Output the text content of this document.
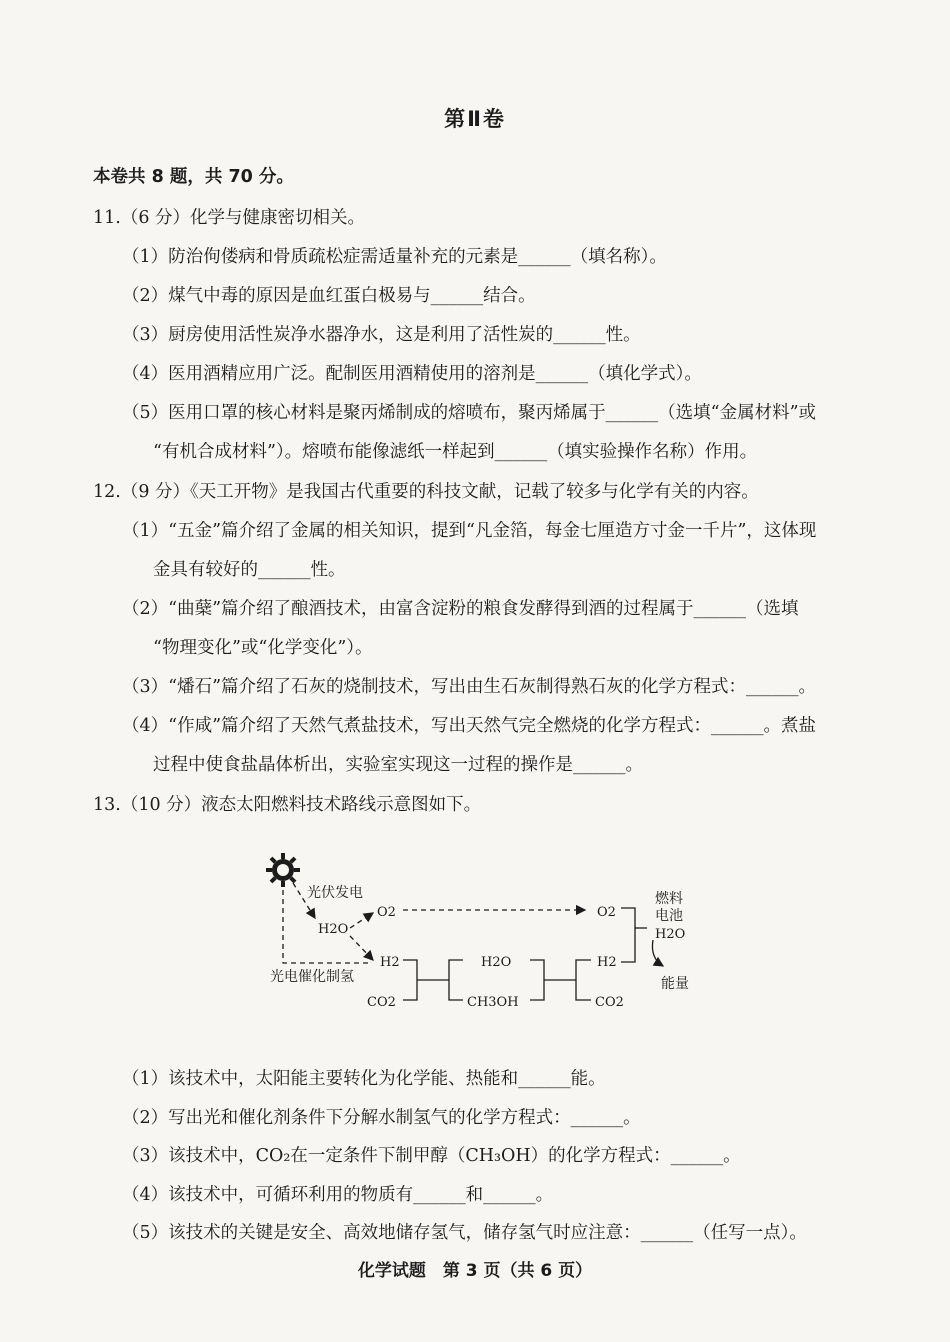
第Ⅱ卷
本卷共 8 题，共 70 分。
11.（6 分）化学与健康密切相关。
（1）防治佝偻病和骨质疏松症需适量补充的元素是______（填名称）。
（2）煤气中毒的原因是血红蛋白极易与______结合。
（3）厨房使用活性炭净水器净水，这是利用了活性炭的______性。
（4）医用酒精应用广泛。配制医用酒精使用的溶剂是______（填化学式）。
（5）医用口罩的核心材料是聚丙烯制成的熔喷布，聚丙烯属于______（选填“金属材料”或
“有机合成材料”）。熔喷布能像滤纸一样起到______（填实验操作名称）作用。
12.（9 分）《天工开物》是我国古代重要的科技文献，记载了较多与化学有关的内容。
（1）“五金”篇介绍了金属的相关知识，提到“凡金箔，每金七厘造方寸金一千片”，这体现
金具有较好的______性。
（2）“曲蘖”篇介绍了酿酒技术，由富含淀粉的粮食发酵得到酒的过程属于______（选填
“物理变化”或“化学变化”）。
（3）“燔石”篇介绍了石灰的烧制技术，写出由生石灰制得熟石灰的化学方程式：______。
（4）“作咸”篇介绍了天然气煮盐技术，写出天然气完全燃烧的化学方程式：______。煮盐
过程中使食盐晶体析出，实验室实现这一过程的操作是______。
13.（10 分）液态太阳燃料技术路线示意图如下。
光伏发电
光电催化制氢
O2
H2O
H2
CO2
H2O
CH3OH
H2
CO2
O2
燃料
电池
H2O
能量
（1）该技术中，太阳能主要转化为化学能、热能和______能。
（2）写出光和催化剂条件下分解水制氢气的化学方程式：______。
（3）该技术中，CO₂在一定条件下制甲醇（CH₃OH）的化学方程式：______。
（4）该技术中，可循环利用的物质有______和______。
（5）该技术的关键是安全、高效地储存氢气，储存氢气时应注意：______（任写一点）。
化学试题　第 3 页（共 6 页）
